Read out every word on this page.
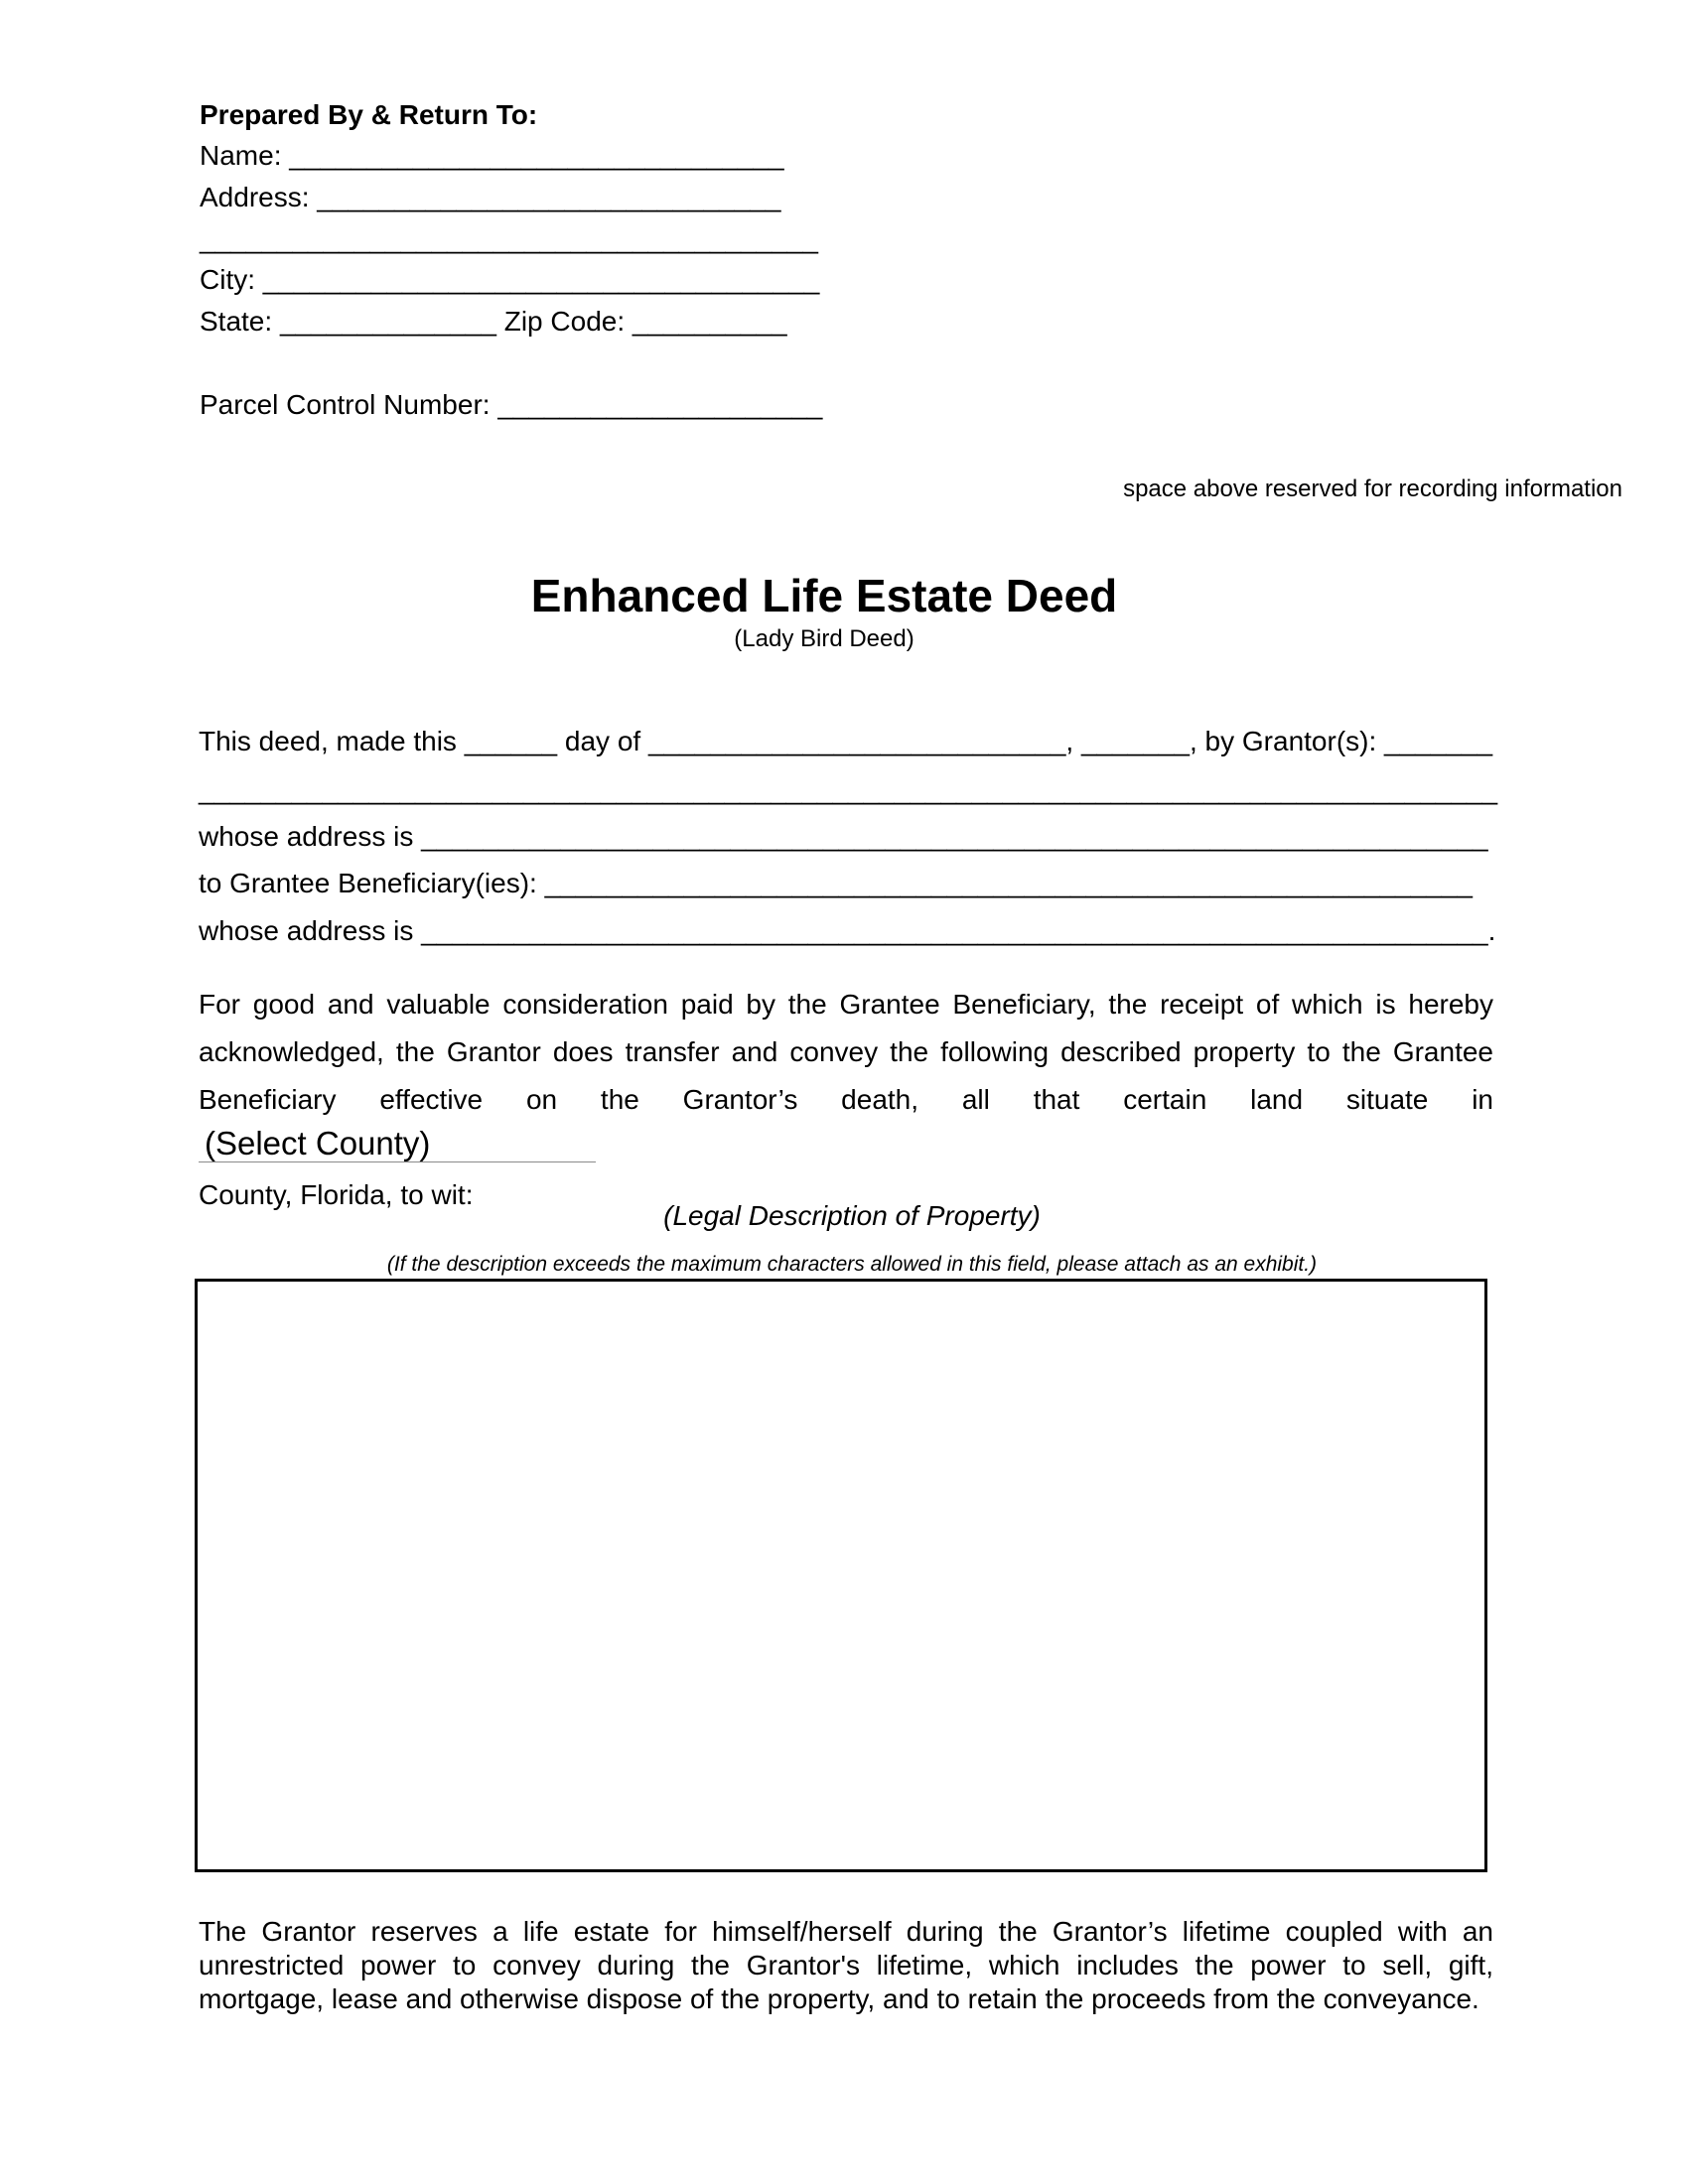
Prepared By & Return To:
Name: ________________________________
Address: ______________________________
________________________________________
City: ____________________________________
State: ______________ Zip Code: __________
Parcel Control Number: _____________________
space above reserved for recording information
Enhanced Life Estate Deed
(Lady Bird Deed)
This deed, made this ______ day of ___________________________, _______, by Grantor(s): _______
____________________________________________________________________________________
whose address is _____________________________________________________________________
to Grantee Beneficiary(ies): ____________________________________________________________
whose address is _____________________________________________________________________.
For good and valuable consideration paid by the Grantee Beneficiary, the receipt of which is hereby acknowledged, the Grantor does transfer and convey the following described property to the Grantee Beneficiary effective on the Grantor’s death, all that certain land situate in (Select County)
County, Florida, to wit:
(Legal Description of Property)
(If the description exceeds the maximum characters allowed in this field, please attach as an exhibit.)
The Grantor reserves a life estate for himself/herself during the Grantor’s lifetime coupled with an unrestricted power to convey during the Grantor's lifetime, which includes the power to sell, gift, mortgage, lease and otherwise dispose of the property, and to retain the proceeds from the conveyance.
